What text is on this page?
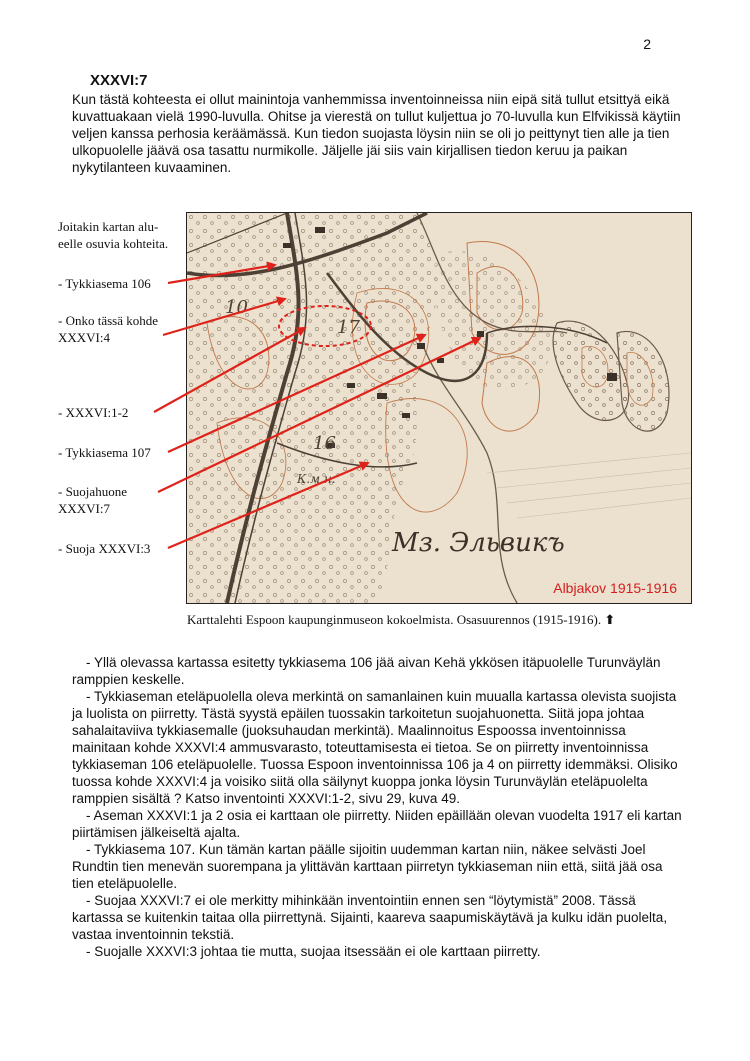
2
XXXVI:7

Kun tästä kohteesta ei ollut mainintoja vanhemmissa inventoinneissa niin eipä sitä tullut etsittyä eikä kuvattuakaan vielä 1990-luvulla. Ohitse ja vierestä on tullut kuljettua jo 70-luvulla kun Elfvikissä käytiin veljen kanssa perhosia keräämässä. Kun tiedon suojasta löysin niin se oli jo peittynyt tien alle ja tien ulkopuolelle jäävä osa tasattu nurmikolle. Jäljelle jäi siis vain kirjallisen tiedon keruu ja paikan nykytilanteen kuvaaminen.

Joitakin kartan alu-
eelle osuvia kohteita.
- Tykkiasema 106
- Onko tässä kohde
XXXVI:4
- XXXVI:1-2
- Tykkiasema 107
- Suojahuone
XXXVI:7
- Suoja XXXVI:3
10
17
16
К.м.н.
Мз. Эльвикъ
Albjakov 1915-1916
Karttalehti Espoon kaupunginmuseon kokoelmista. Osasuurennos (1915-1916). ⬆

- Yllä olevassa kartassa esitetty tykkiasema 106 jää aivan Kehä ykkösen itäpuolelle Turunväylän ramppien keskelle.

- Tykkiaseman eteläpuolella oleva merkintä on samanlainen kuin muualla kartassa olevista suojista ja luolista on piirretty. Tästä syystä epäilen tuossakin tarkoitetun suojahuonetta. Siitä jopa johtaa sahalaitaviiva tykkiasemalle (juoksuhaudan merkintä). Maalinnoitus Espoossa inventoinnissa mainitaan kohde XXXVI:4 ammusvarasto, toteuttamisesta ei tietoa. Se on piirretty inventoinnissa tykkiaseman 106 eteläpuolelle. Tuossa Espoon inventoinnissa 106 ja 4 on piirretty idemmäksi. Olisiko tuossa kohde XXXVI:4 ja voisiko siitä olla säilynyt kuoppa jonka löysin Turunväylän eteläpuolelta ramppien sisältä ? Katso inventointi XXXVI:1-2, sivu 29, kuva 49.

- Aseman XXXVI:1 ja 2 osia ei karttaan ole piirretty. Niiden epäillään olevan vuodelta 1917 eli kartan piirtämisen jälkeiseltä ajalta.

- Tykkiasema 107. Kun tämän kartan päälle sijoitin uudemman kartan niin, näkee selvästi Joel Rundtin tien menevän suorempana ja ylittävän karttaan piirretyn tykkiaseman niin että, siitä jää osa tien eteläpuolelle.

- Suojaa XXXVI:7 ei ole merkitty mihinkään inventointiin ennen sen “löytymistä” 2008. Tässä kartassa se kuitenkin taitaa olla piirrettynä. Sijainti, kaareva saapumiskäytävä ja kulku idän puolelta, vastaa inventoinnin tekstiä.

- Suojalle XXXVI:3 johtaa tie mutta, suojaa itsessään ei ole karttaan piirretty.
